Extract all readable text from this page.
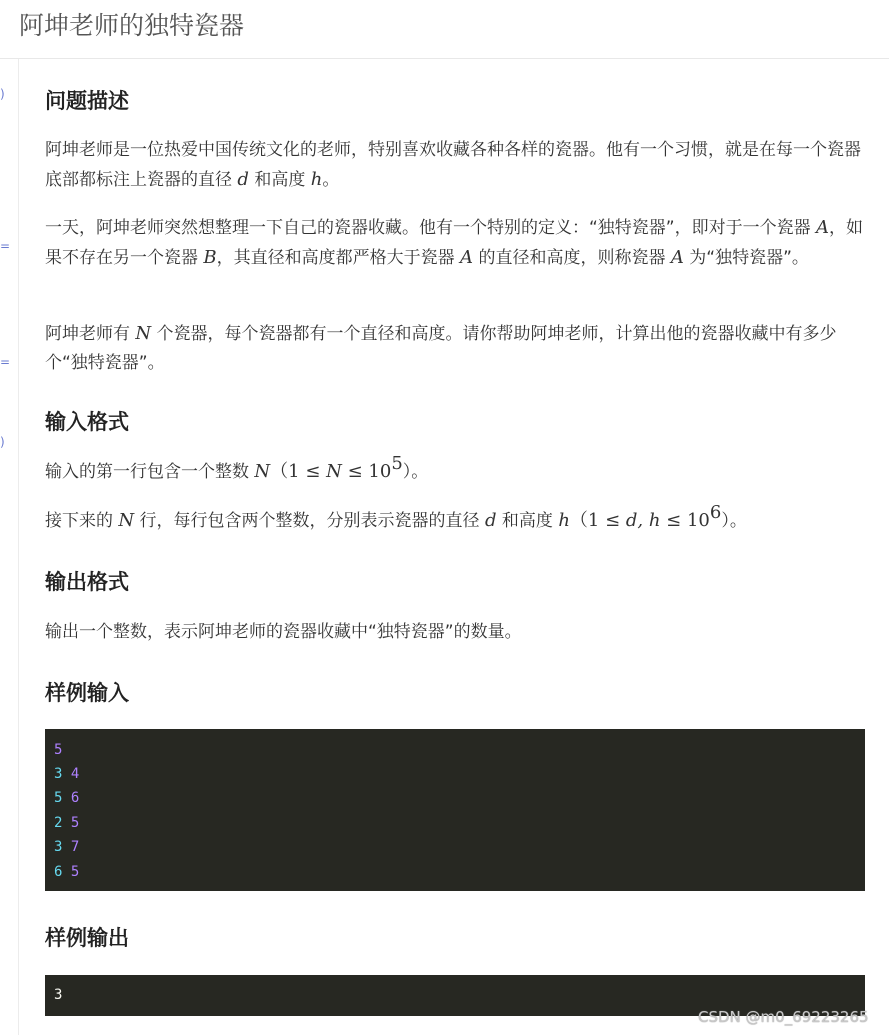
阿坤老师的独特瓷器
)
=
=
)
问题描述

阿坤老师是一位热爱中国传统文化的老师，特别喜欢收藏各种各样的瓷器。他有一个习惯，就是在每一个瓷器底部都标注上瓷器的直径 d 和高度 h。

一天，阿坤老师突然想整理一下自己的瓷器收藏。他有一个特别的定义：“独特瓷器”，即对于一个瓷器 A，如果不存在另一个瓷器 B，其直径和高度都严格大于瓷器 A 的直径和高度，则称瓷器 A 为“独特瓷器”。

阿坤老师有 N 个瓷器，每个瓷器都有一个直径和高度。请你帮助阿坤老师，计算出他的瓷器收藏中有多少个“独特瓷器”。

输入格式

输入的第一行包含一个整数 $N(1 \le N \le 10^5)$。

接下来的 N 行，每行包含两个整数，分别表示瓷器的直径 d 和高度 h（1 ≤ d, $h \le 10^6$）。

输出格式

输出一个整数，表示阿坤老师的瓷器收藏中“独特瓷器”的数量。

样例输入
5
3 4
5 6
2 5
3 7
6 5
样例输出
3
CSDN @m0_69223265
